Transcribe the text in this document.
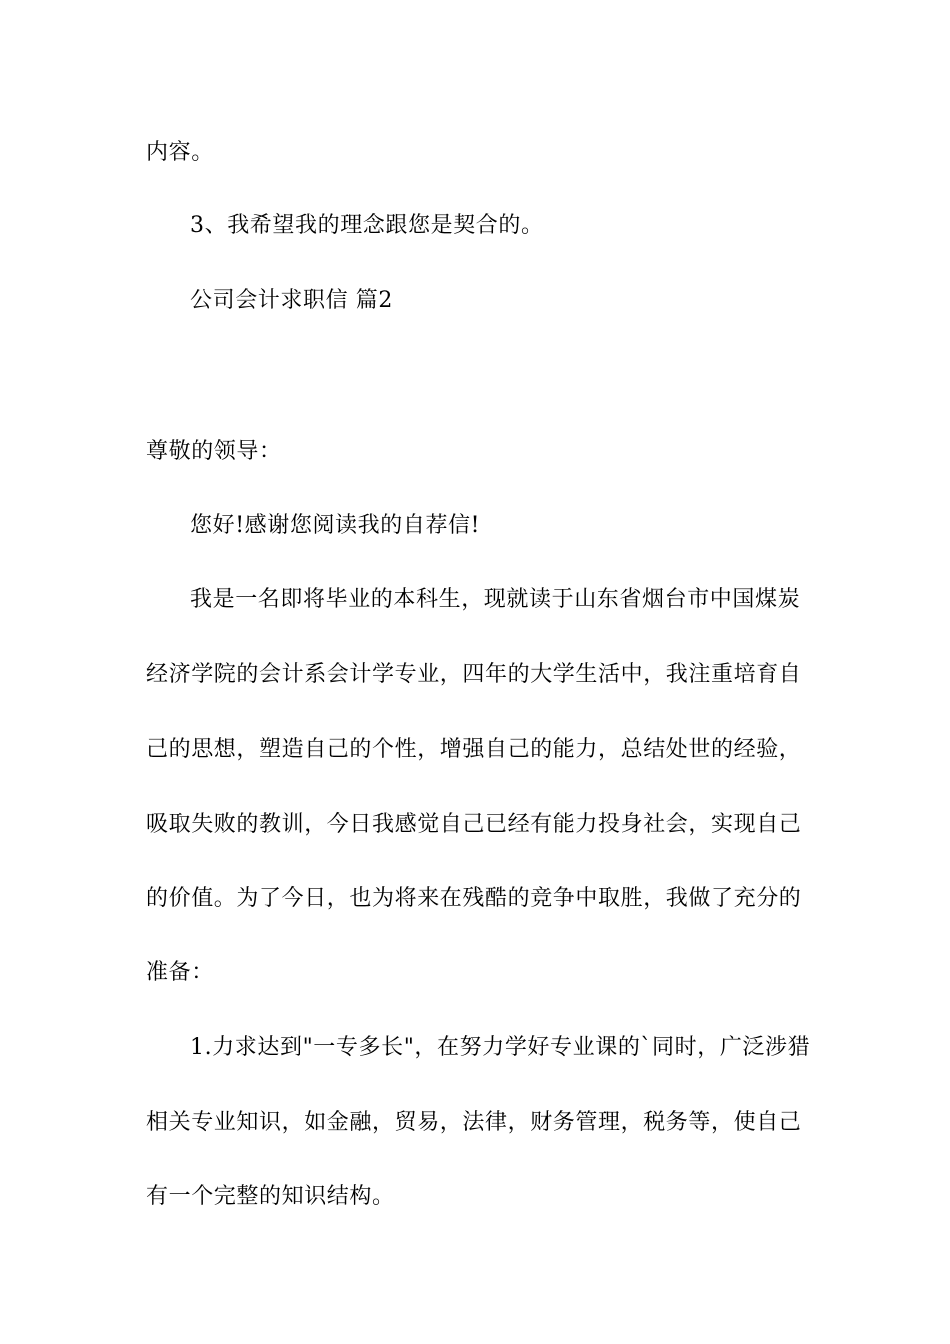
内容。
3、我希望我的理念跟您是契合的。
公司会计求职信 篇2
尊敬的领导：
您好!感谢您阅读我的自荐信!
我是一名即将毕业的本科生，现就读于山东省烟台市中国煤炭
经济学院的会计系会计学专业，四年的大学生活中，我注重培育自
己的思想，塑造自己的个性，增强自己的能力，总结处世的经验，
吸取失败的教训，今日我感觉自己已经有能力投身社会，实现自己
的价值。为了今日，也为将来在残酷的竞争中取胜，我做了充分的
准备：
1.力求达到"一专多长"，在努力学好专业课的`同时，广泛涉猎
相关专业知识，如金融，贸易，法律，财务管理，税务等，使自己
有一个完整的知识结构。
